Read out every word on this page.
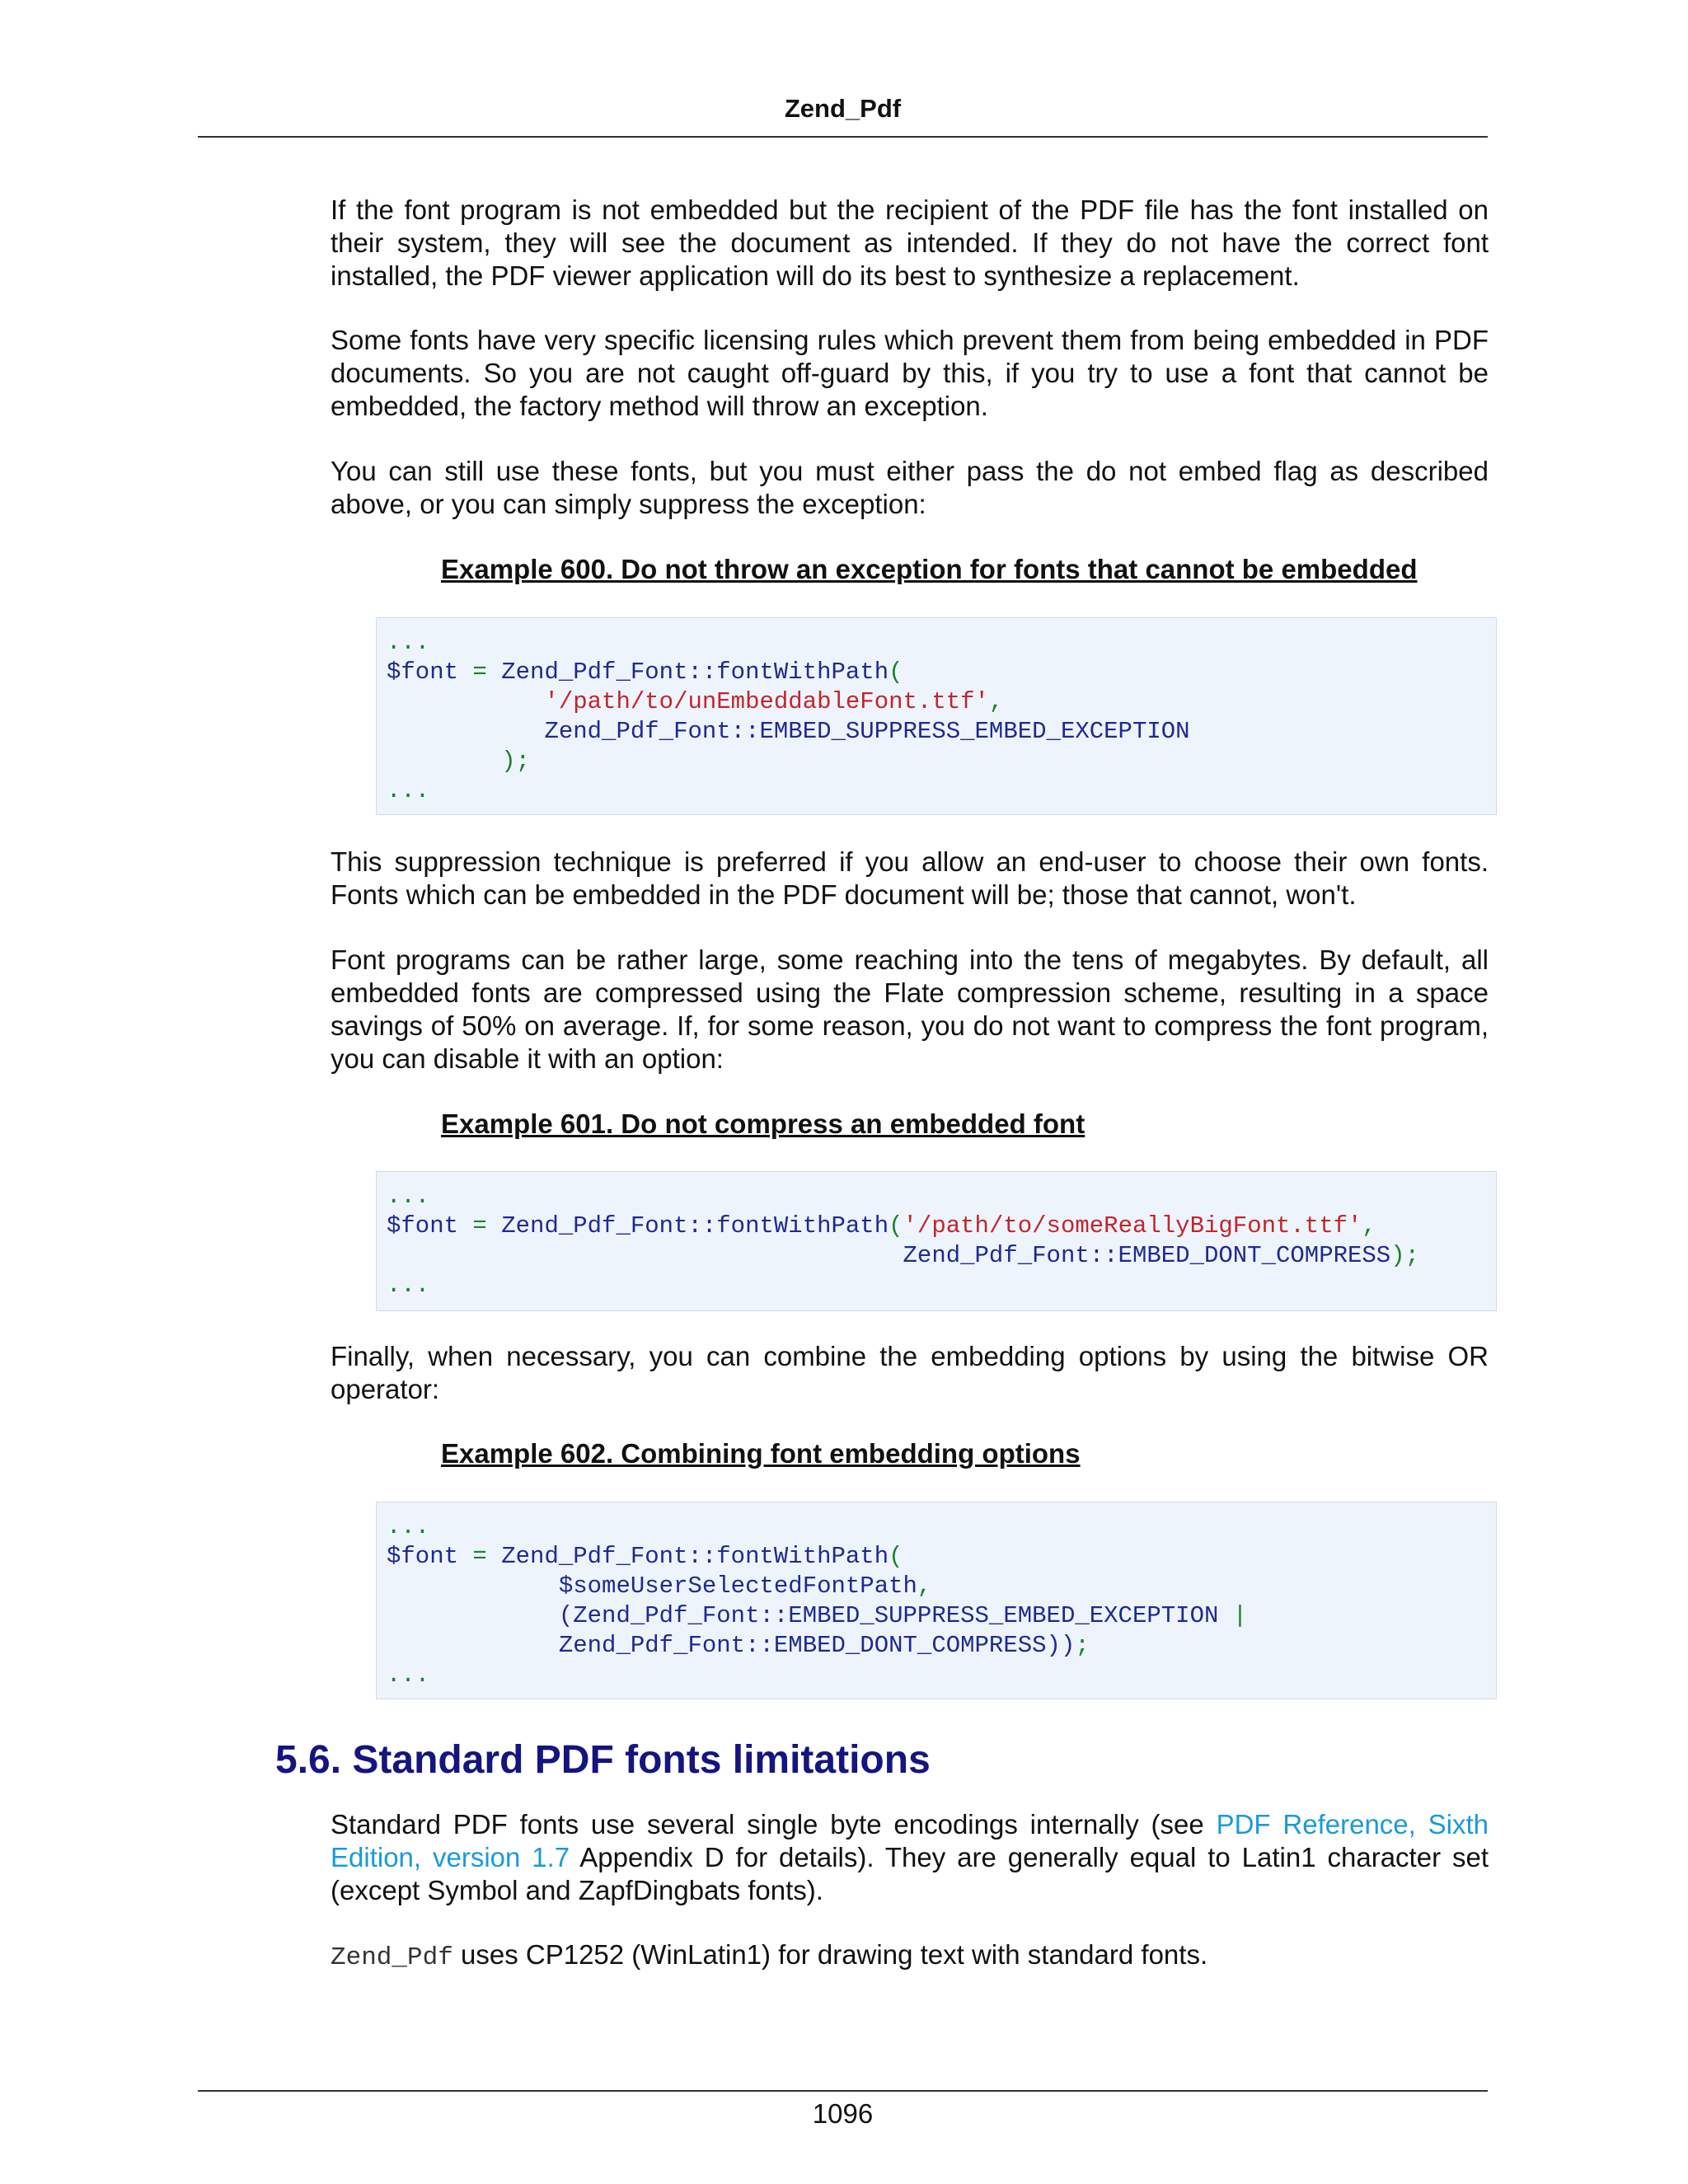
Zend_Pdf

If the font program is not embedded but the recipient of the PDF file has the font installed on their system, they will see the document as intended. If they do not have the correct font installed, the PDF viewer application will do its best to synthesize a replacement.

Some fonts have very specific licensing rules which prevent them from being embedded in PDF documents. So you are not caught off-guard by this, if you try to use a font that cannot be embedded, the factory method will throw an exception.

You can still use these fonts, but you must either pass the do not embed flag as described above, or you can simply suppress the exception:

Example 600. Do not throw an exception for fonts that cannot be embedded

...
$font = Zend_Pdf_Font::fontWithPath(
'/path/to/unEmbeddableFont.ttf',
Zend_Pdf_Font::EMBED_SUPPRESS_EMBED_EXCEPTION
);
...

This suppression technique is preferred if you allow an end-user to choose their own fonts. Fonts which can be embedded in the PDF document will be; those that cannot, won't.

Font programs can be rather large, some reaching into the tens of megabytes. By default, all embedded fonts are compressed using the Flate compression scheme, resulting in a space savings of 50% on average. If, for some reason, you do not want to compress the font program, you can disable it with an option:

Example 601. Do not compress an embedded font

...
$font = Zend_Pdf_Font::fontWithPath('/path/to/someReallyBigFont.ttf',
Zend_Pdf_Font::EMBED_DONT_COMPRESS);
...

Finally, when necessary, you can combine the embedding options by using the bitwise OR operator:

Example 602. Combining font embedding options

...
$font = Zend_Pdf_Font::fontWithPath(
$someUserSelectedFontPath,
(Zend_Pdf_Font::EMBED_SUPPRESS_EMBED_EXCEPTION |
Zend_Pdf_Font::EMBED_DONT_COMPRESS));
...
5.6. Standard PDF fonts limitations

Standard PDF fonts use several single byte encodings internally (see PDF Reference, Sixth Edition, version 1.7 Appendix D for details). They are generally equal to Latin1 character set (except Symbol and ZapfDingbats fonts).

Zend_Pdf uses CP1252 (WinLatin1) for drawing text with standard fonts.

1096
